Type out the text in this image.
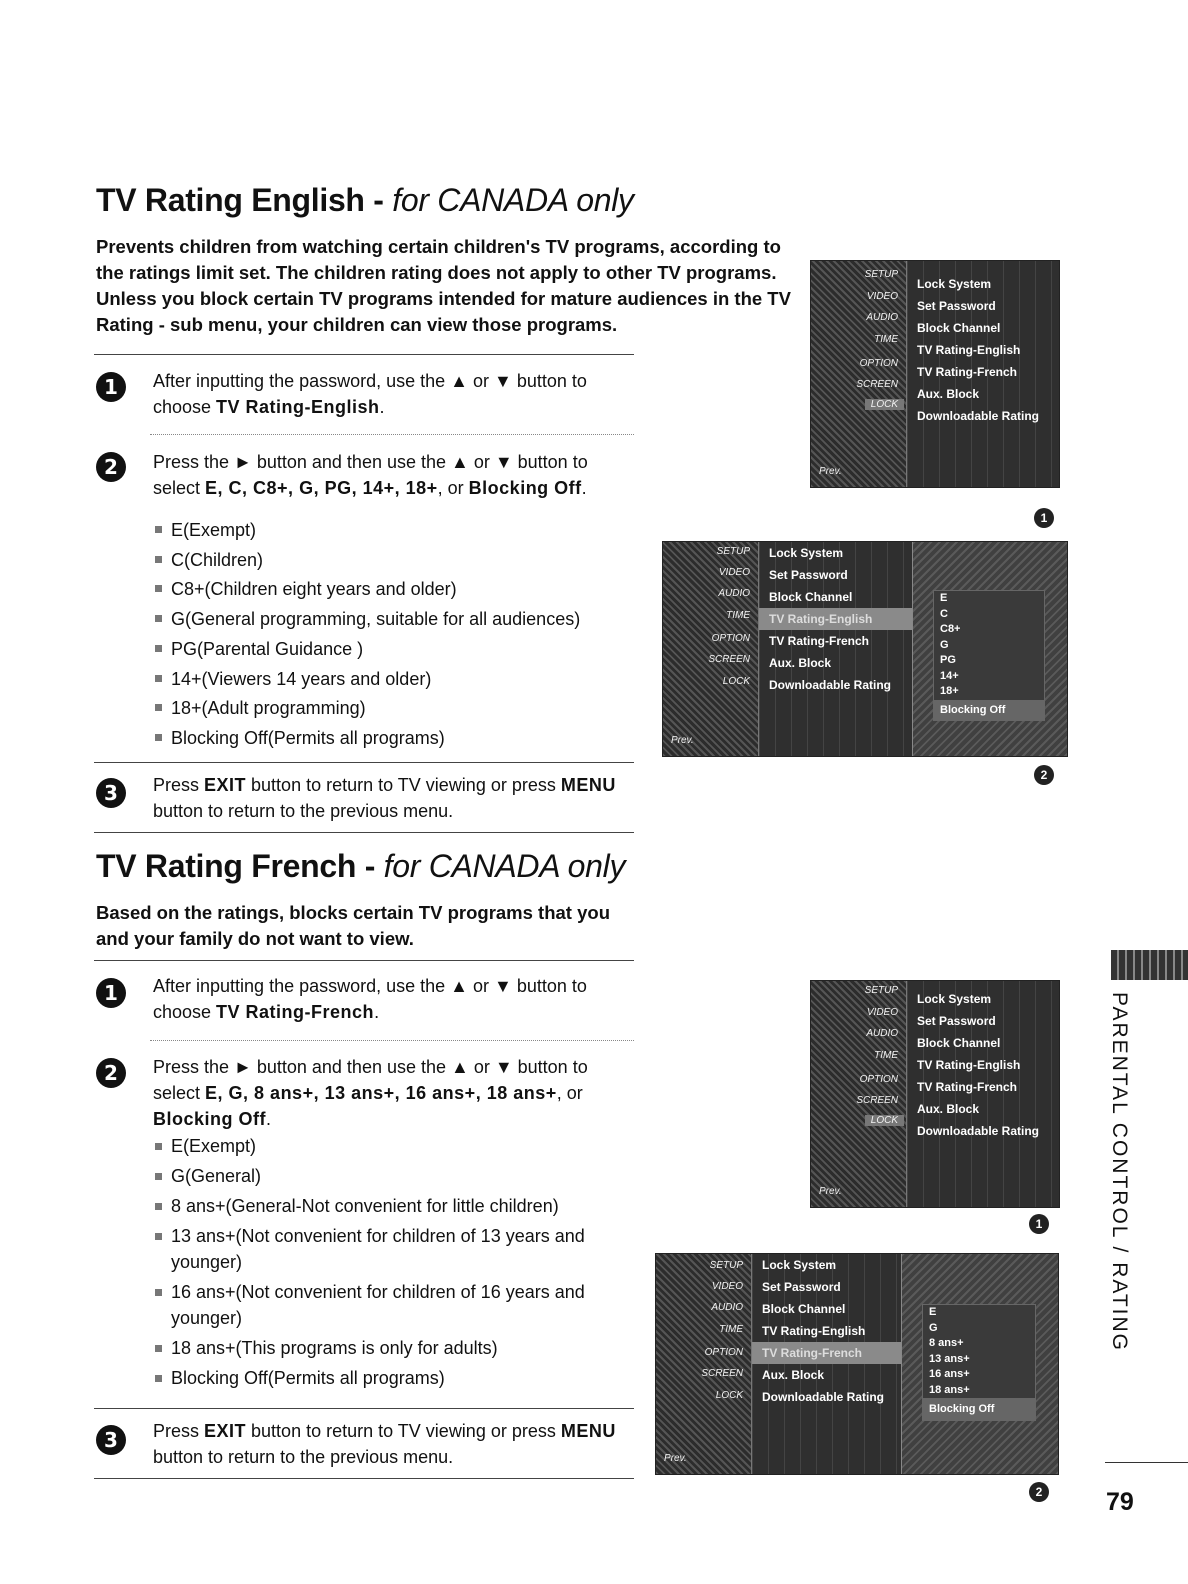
TV Rating English - for CANADA only

Prevents children from watching certain children's TV programs, according to the ratings limit set. The children rating does not apply to other TV programs. Unless you block certain TV programs intended for mature audiences in the TV Rating - sub menu, your children can view those programs.

1	After inputting the password, use the ▲ or ▼ button to choose TV Rating-English.

2	Press the ► button and then use the ▲ or ▼ button to select E, C, C8+, G, PG, 14+, 18+, or Blocking Off.

E(Exempt)
C(Children)
C8+(Children eight years and older)
G(General programming, suitable for all audiences)
PG(Parental Guidance )
14+(Viewers 14 years and older)
18+(Adult programming)
Blocking Off(Permits all programs)
3	Press EXIT button to return to TV viewing or press MENU button to return to the previous menu.

TV Rating French - for CANADA only

Based on the ratings, blocks certain TV programs that you and your family do not want to view.

1	After inputting the password, use the ▲ or ▼ button to choose TV Rating-French.

2	Press the ► button and then use the ▲ or ▼ button to select E, G, 8 ans+, 13 ans+, 16 ans+, 18 ans+, or Blocking Off.

E(Exempt)
G(General)
8 ans+(General-Not convenient for little children)
13 ans+(Not convenient for children of 13 years and younger)
16 ans+(Not convenient for children of 16 years and younger)
18 ans+(This programs is only for adults)
Blocking Off(Permits all programs)
3	Press EXIT button to return to TV viewing or press MENU button to return to the previous menu.

SETUP
VIDEO
AUDIO
TIME
OPTION
SCREEN
LOCK
Prev.
Lock System
Set Password
Block Channel
TV Rating-English
TV Rating-French
Aux. Block
Downloadable Rating
1
SETUP
VIDEO
AUDIO
TIME
OPTION
SCREEN
LOCK
Prev.
Lock System
Set Password
Block Channel
TV Rating-English
TV Rating-French
Aux. Block
Downloadable Rating
E
C
C8+
G
PG
14+
18+
Blocking Off
2
SETUP
VIDEO
AUDIO
TIME
OPTION
SCREEN
LOCK
Prev.
Lock System
Set Password
Block Channel
TV Rating-English
TV Rating-French
Aux. Block
Downloadable Rating
1
SETUP
VIDEO
AUDIO
TIME
OPTION
SCREEN
LOCK
Prev.
Lock System
Set Password
Block Channel
TV Rating-English
TV Rating-French
Aux. Block
Downloadable Rating
E
G
8 ans+
13 ans+
16 ans+
18 ans+
Blocking Off
2
PARENTAL CONTROL / RATING
79
